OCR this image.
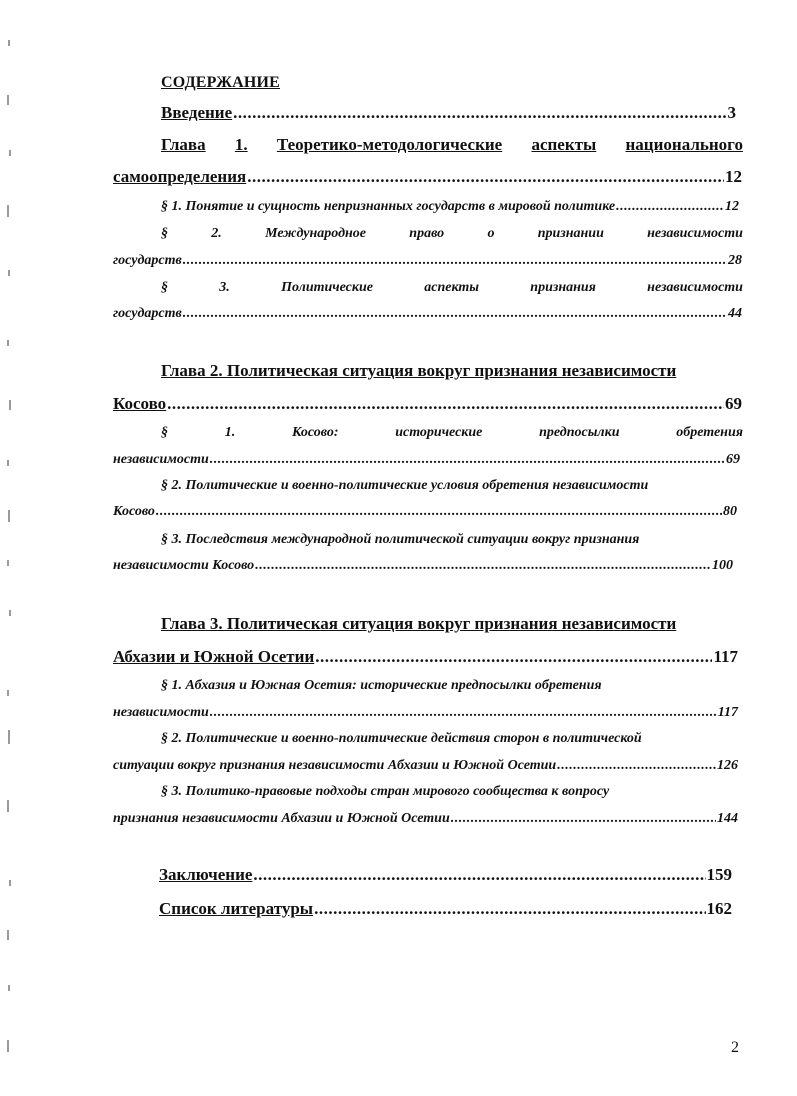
СОДЕРЖАНИЕ
Введение .....	3
Глава 1. Теоретико-методологические аспекты национального
самоопределения .....	12
§ 1. Понятие и сущность непризнанных государств в мировой политике .....	12
§	2.	Международное	право	о	признании	независимости
государств .....	28
§	3.	Политические	аспекты	признания	независимости
государств .....	44
Глава 2. Политическая ситуация вокруг признания независимости
Косово .....	69
§	1.	Косово:	исторические	предпосылки	обретения
независимости .....	69
§ 2. Политические и военно-политические условия обретения независимости
Косово .....	80
§ 3. Последствия международной политической ситуации вокруг признания
независимости Косово .....	100
Глава 3. Политическая ситуация вокруг признания независимости
Абхазии и Южной Осетии .....	117
§ 1. Абхазия и Южная Осетия: исторические предпосылки обретения
независимости .....	117
§ 2. Политические и военно-политические действия сторон в политической
ситуации вокруг признания независимости Абхазии и Южной Осетии .....	126
§ 3. Политико-правовые подходы стран мирового сообщества к вопросу
признания независимости Абхазии и Южной Осетии .....	144
Заключение .....	159
Список литературы .....	162
2
